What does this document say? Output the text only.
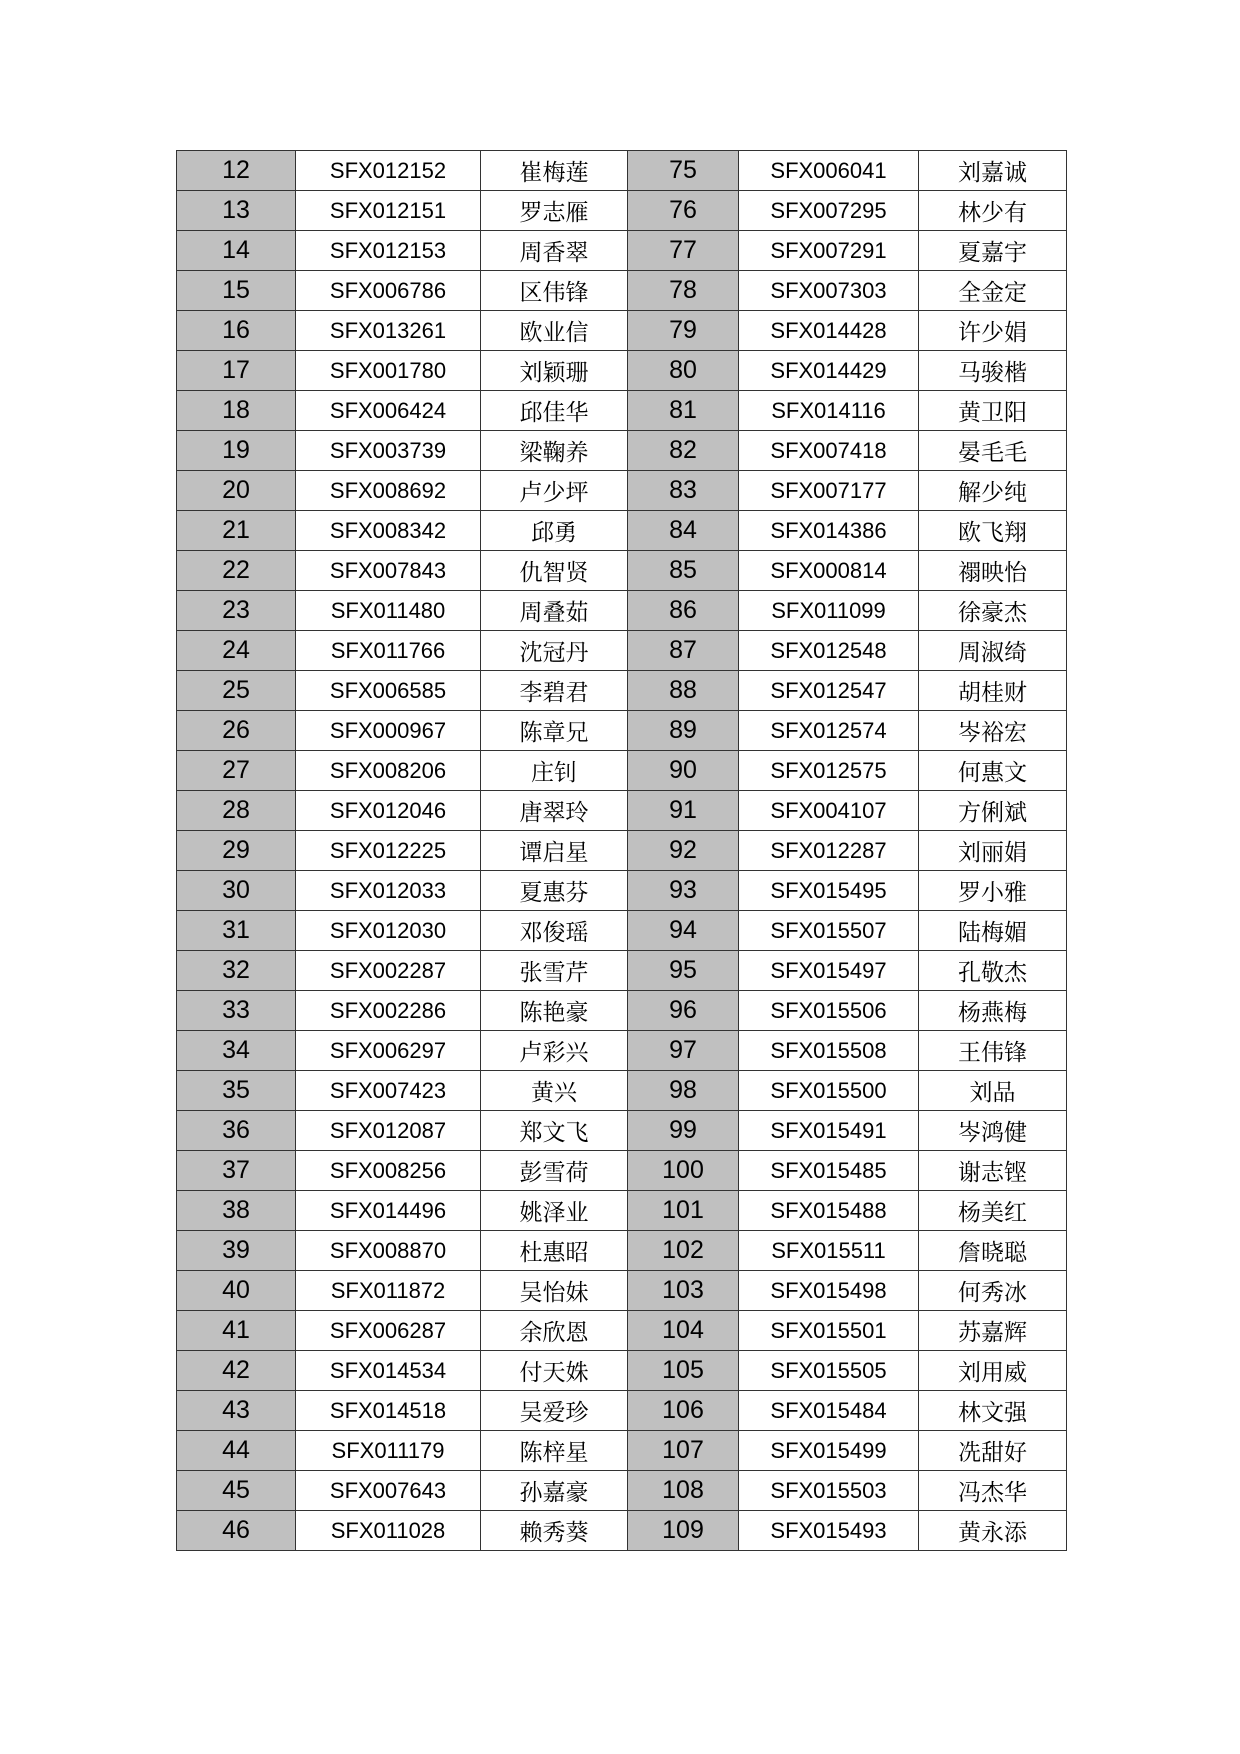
12	SFX012152	崔梅莲	75	SFX006041	刘嘉诚
13	SFX012151	罗志雁	76	SFX007295	林少有
14	SFX012153	周香翠	77	SFX007291	夏嘉宇
15	SFX006786	区伟锋	78	SFX007303	全金定
16	SFX013261	欧业信	79	SFX014428	许少娟
17	SFX001780	刘颖珊	80	SFX014429	马骏楷
18	SFX006424	邱佳华	81	SFX014116	黄卫阳
19	SFX003739	梁鞠养	82	SFX007418	晏毛毛
20	SFX008692	卢少坪	83	SFX007177	解少纯
21	SFX008342	邱勇	84	SFX014386	欧飞翔
22	SFX007843	仇智贤	85	SFX000814	禤映怡
23	SFX011480	周叠茹	86	SFX011099	徐豪杰
24	SFX011766	沈冠丹	87	SFX012548	周淑绮
25	SFX006585	李碧君	88	SFX012547	胡桂财
26	SFX000967	陈章兄	89	SFX012574	岑裕宏
27	SFX008206	庄钊	90	SFX012575	何惠文
28	SFX012046	唐翠玲	91	SFX004107	方俐斌
29	SFX012225	谭启星	92	SFX012287	刘丽娟
30	SFX012033	夏惠芬	93	SFX015495	罗小雅
31	SFX012030	邓俊瑶	94	SFX015507	陆梅媚
32	SFX002287	张雪芹	95	SFX015497	孔敬杰
33	SFX002286	陈艳豪	96	SFX015506	杨燕梅
34	SFX006297	卢彩兴	97	SFX015508	王伟锋
35	SFX007423	黄兴	98	SFX015500	刘品
36	SFX012087	郑文飞	99	SFX015491	岑鸿健
37	SFX008256	彭雪荷	100	SFX015485	谢志铿
38	SFX014496	姚泽业	101	SFX015488	杨美红
39	SFX008870	杜惠昭	102	SFX015511	詹晓聪
40	SFX011872	吴怡妹	103	SFX015498	何秀冰
41	SFX006287	余欣恩	104	SFX015501	苏嘉辉
42	SFX014534	付天姝	105	SFX015505	刘用威
43	SFX014518	吴爱珍	106	SFX015484	林文强
44	SFX011179	陈梓星	107	SFX015499	冼甜好
45	SFX007643	孙嘉豪	108	SFX015503	冯杰华
46	SFX011028	赖秀葵	109	SFX015493	黄永添
